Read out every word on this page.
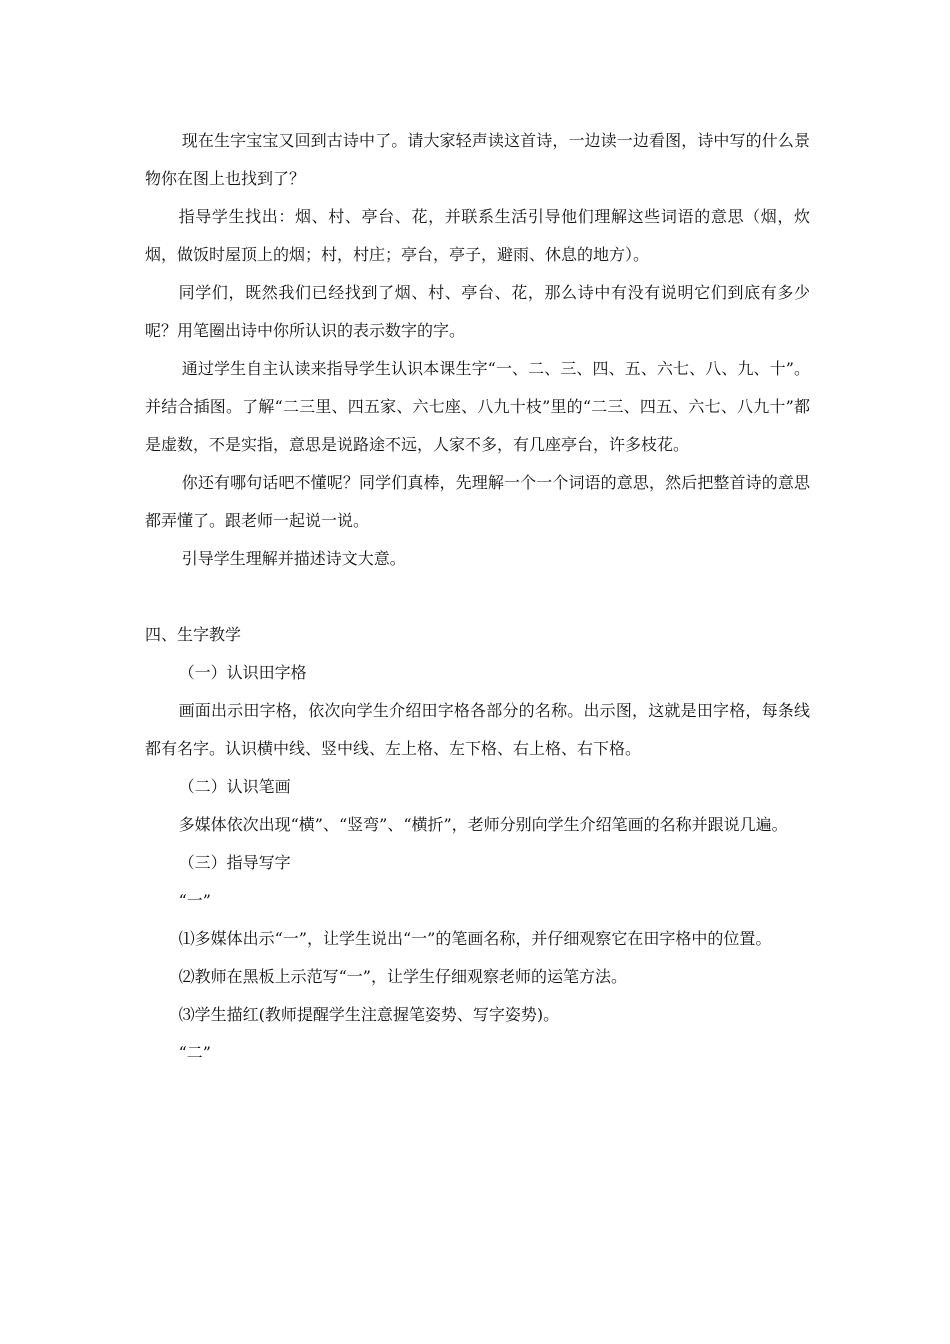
现在生字宝宝又回到古诗中了。请大家轻声读这首诗，一边读一边看图，诗中写的什么景物你在图上也找到了？

指导学生找出：烟、村、亭台、花，并联系生活引导他们理解这些词语的意思（烟，炊烟，做饭时屋顶上的烟；村，村庄；亭台，亭子，避雨、休息的地方）。

同学们，既然我们已经找到了烟、村、亭台、花，那么诗中有没有说明它们到底有多少呢？用笔圈出诗中你所认识的表示数字的字。

通过学生自主认读来指导学生认识本课生字“一、二、三、四、五、六七、八、九、十”。并结合插图。了解“二三里、四五家、六七座、八九十枝”里的“二三、四五、六七、八九十”都是虚数，不是实指，意思是说路途不远，人家不多，有几座亭台，许多枝花。

你还有哪句话吧不懂呢？同学们真棒，先理解一个一个词语的意思，然后把整首诗的意思都弄懂了。跟老师一起说一说。

引导学生理解并描述诗文大意。

四、生字教学

（一）认识田字格

画面出示田字格，依次向学生介绍田字格各部分的名称。出示图，这就是田字格，每条线都有名字。认识横中线、竖中线、左上格、左下格、右上格、右下格。

（二）认识笔画

多媒体依次出现“横”、“竖弯”、“横折”，老师分别向学生介绍笔画的名称并跟说几遍。

（三）指导写字

“一”

⑴多媒体出示“一”，让学生说出“一”的笔画名称，并仔细观察它在田字格中的位置。

⑵教师在黑板上示范写“一”，让学生仔细观察老师的运笔方法。

⑶学生描红(教师提醒学生注意握笔姿势、写字姿势)。

“二”
